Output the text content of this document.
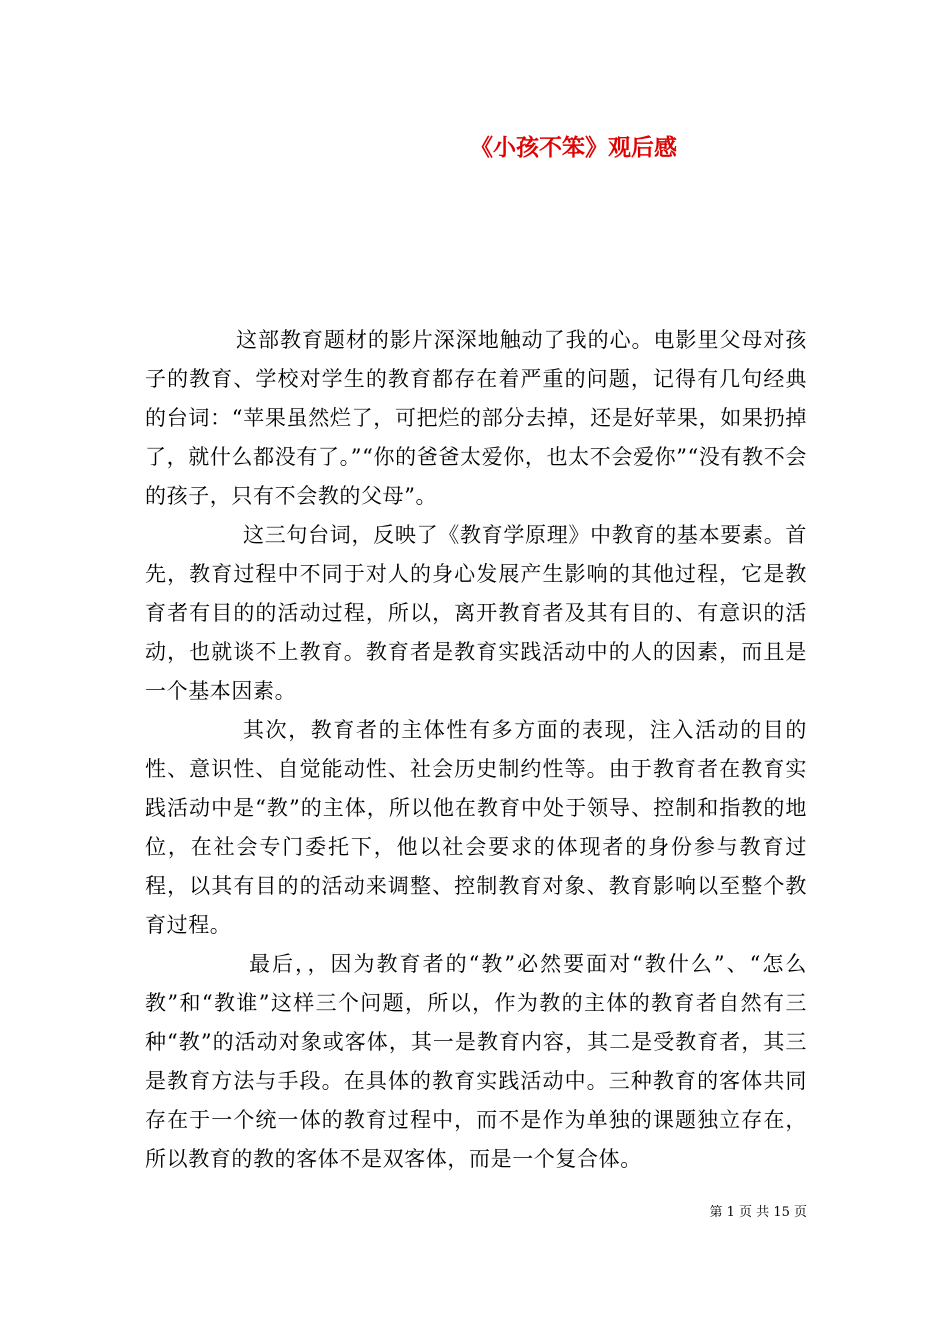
《小孩不笨》观后感

这部教育题材的影片深深地触动了我的心。电影里父母对孩子的教育、学校对学生的教育都存在着严重的问题，记得有几句经典的台词：“苹果虽然烂了，可把烂的部分去掉，还是好苹果，如果扔掉了，就什么都没有了。”“你的爸爸太爱你，也太不会爱你”“没有教不会的孩子，只有不会教的父母”。

这三句台词，反映了《教育学原理》中教育的基本要素。首先，教育过程中不同于对人的身心发展产生影响的其他过程，它是教育者有目的的活动过程，所以，离开教育者及其有目的、有意识的活动，也就谈不上教育。教育者是教育实践活动中的人的因素，而且是一个基本因素。

其次，教育者的主体性有多方面的表现，注入活动的目的性、意识性、自觉能动性、社会历史制约性等。由于教育者在教育实践活动中是“教”的主体，所以他在教育中处于领导、控制和指教的地位，在社会专门委托下，他以社会要求的体现者的身份参与教育过程，以其有目的的活动来调整、控制教育对象、教育影响以至整个教育过程。

最后，，因为教育者的“教”必然要面对“教什么”、“怎么教”和“教谁”这样三个问题，所以，作为教的主体的教育者自然有三种“教”的活动对象或客体，其一是教育内容，其二是受教育者，其三是教育方法与手段。在具体的教育实践活动中。三种教育的客体共同存在于一个统一体的教育过程中，而不是作为单独的课题独立存在，所以教育的教的客体不是双客体，而是一个复合体。

第 1 页 共 15 页
